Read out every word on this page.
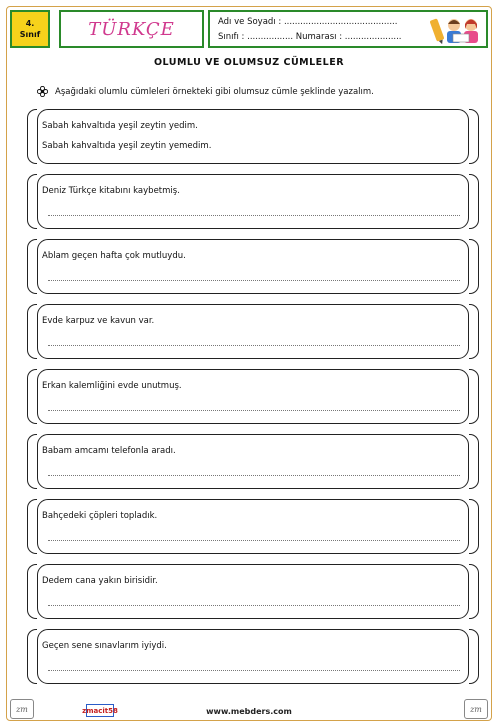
4.
Sınıf	TÜRKÇE	Adı ve Soyadı : ..........................................
Sınıfı : ................. Numarası : .....................
OLUMLU VE OLUMSUZ CÜMLELER
Aşağıdaki olumlu cümleleri örnekteki gibi olumsuz cümle şeklinde yazalım.
Sabah kahvaltıda yeşil zeytin yedim.
Sabah kahvaltıda yeşil zeytin yemedim.
Deniz Türkçe kitabını kaybetmiş.
Ablam geçen hafta çok mutluydu.
Evde karpuz ve kavun var.
Erkan kalemliğini evde unutmuş.
Babam amcamı telefonla aradı.
Bahçedeki çöpleri topladık.
Dedem cana yakın birisidir.
Geçen sene sınavlarım iyiydi.
zm	zmacit58	www.mebders.com	zm
